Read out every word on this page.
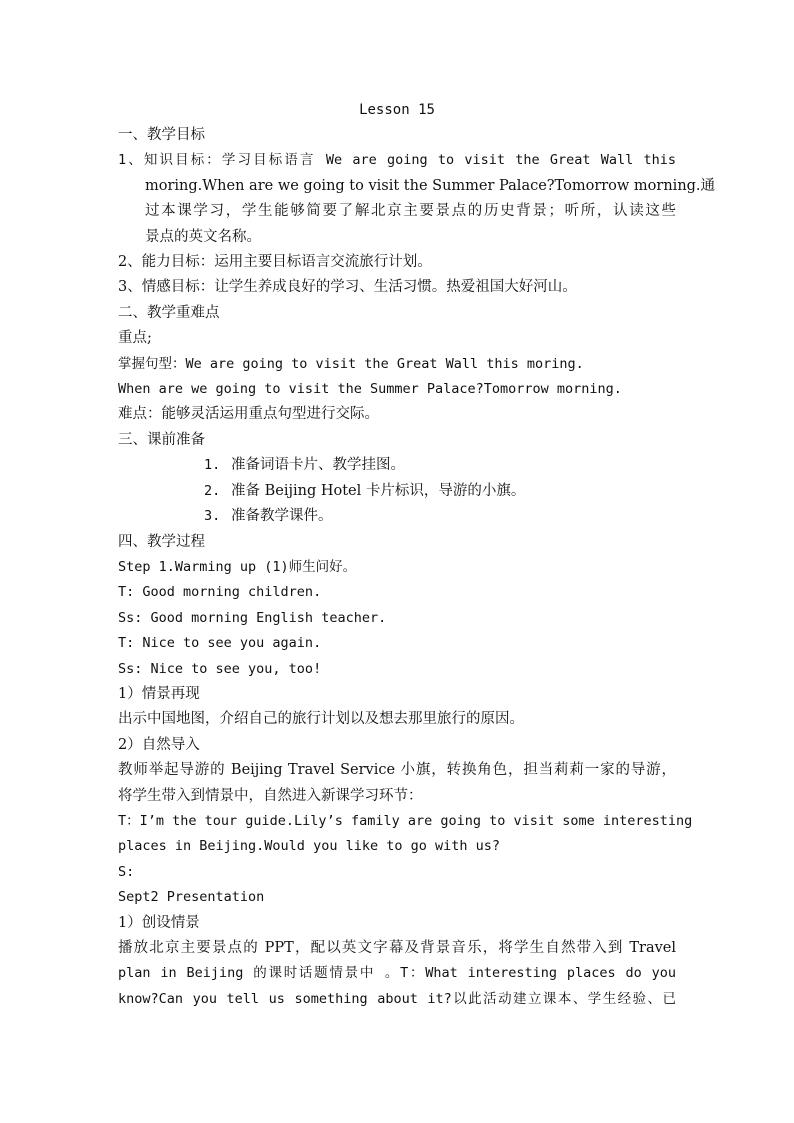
Lesson 15
一、教学目标
1、知识目标：学习目标语言 We are going to visit the Great Wall this
moring.When are we going to visit the Summer Palace?Tomorrow morning.通
过本课学习，学生能够简要了解北京主要景点的历史背景；听所，认读这些
景点的英文名称。
2、能力目标：运用主要目标语言交流旅行计划。
3、情感目标：让学生养成良好的学习、生活习惯。热爱祖国大好河山。
二、教学重难点
重点;
掌握句型：We are going to visit the Great Wall this moring.
When are we going to visit the Summer Palace?Tomorrow morning.
难点：能够灵活运用重点句型进行交际。
三、课前准备
1. 准备词语卡片、教学挂图。
2. 准备 Beijing Hotel 卡片标识，导游的小旗。
3. 准备教学课件。
四、教学过程
Step 1.Warming up (1)师生问好。
T: Good morning children.
Ss: Good morning English teacher.
T: Nice to see you again.
Ss: Nice to see you, too!
1）情景再现
出示中国地图，介绍自己的旅行计划以及想去那里旅行的原因。
2）自然导入
教师举起导游的 Beijing Travel Service 小旗，转换角色，担当莉莉一家的导游，
将学生带入到情景中，自然进入新课学习环节：
T：I’m the tour guide.Lily’s family are going to visit some interesting
places in Beijing.Would you like to go with us?
S:
Sept2 Presentation
1）创设情景
播放北京主要景点的 PPT，配以英文字幕及背景音乐，将学生自然带入到 Travel
plan in Beijing 的课时话题情景中 。T：What interesting places do you
know?Can you tell us something about it?以此活动建立课本、学生经验、已
